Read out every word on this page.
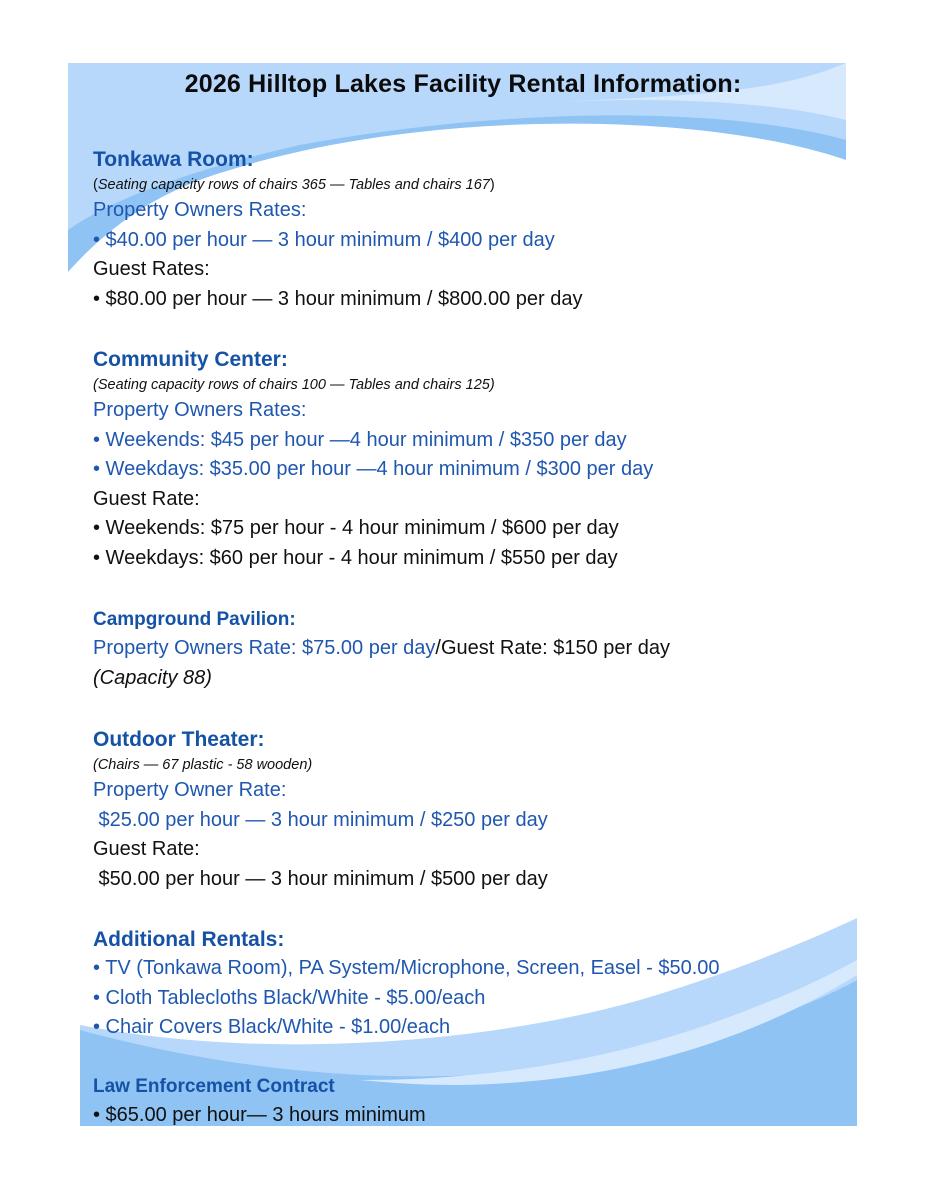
2026 Hilltop Lakes Facility Rental Information:
Tonkawa Room:
(Seating capacity rows of chairs 365 — Tables and chairs 167)
Property Owners Rates:
• $40.00 per hour — 3 hour minimum / $400 per day
Guest Rates:
• $80.00 per hour — 3 hour minimum / $800.00 per day
Community Center:
(Seating capacity rows of chairs 100 — Tables and chairs 125)
Property Owners Rates:
• Weekends: $45 per hour —4 hour minimum / $350 per day
• Weekdays: $35.00 per hour —4 hour minimum / $300 per day
Guest Rate:
• Weekends: $75 per hour - 4 hour minimum / $600 per day
• Weekdays: $60 per hour - 4 hour minimum / $550 per day
Campground Pavilion:
Property Owners Rate: $75.00 per day/Guest Rate: $150 per day
(Capacity 88)
Outdoor Theater:
(Chairs — 67 plastic - 58 wooden)
Property Owner Rate:
$25.00 per hour — 3 hour minimum / $250 per day
Guest Rate:
$50.00 per hour — 3 hour minimum / $500 per day
Additional Rentals:
• TV (Tonkawa Room), PA System/Microphone, Screen, Easel - $50.00
• Cloth Tablecloths Black/White - $5.00/each
• Chair Covers Black/White - $1.00/each
Law Enforcement Contract
• $65.00 per hour— 3 hours minimum
